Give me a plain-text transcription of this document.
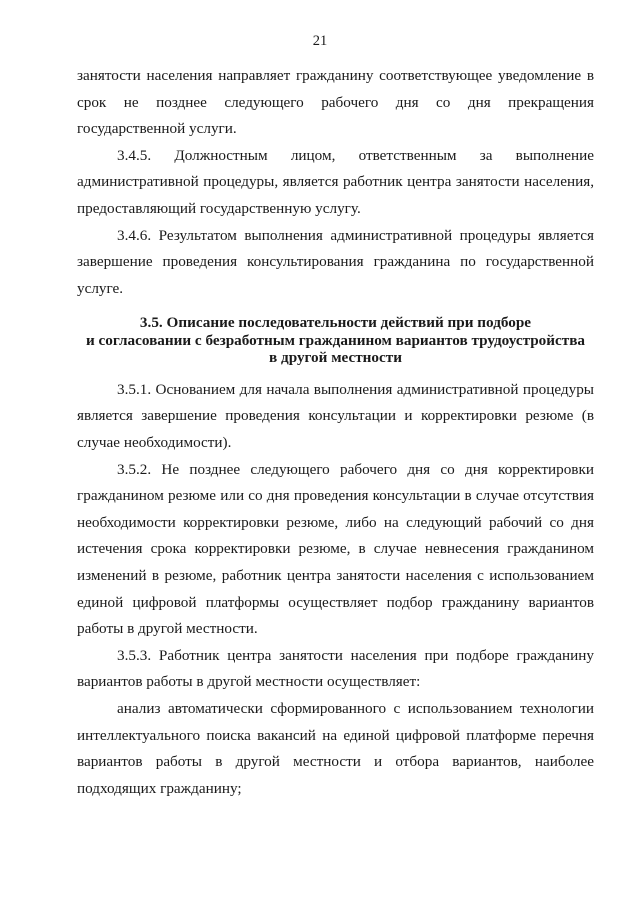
21

занятости населения направляет гражданину соответствующее уведомление в срок не позднее следующего рабочего дня со дня прекращения государственной услуги.

3.4.5. Должностным лицом, ответственным за выполнение административной процедуры, является работник центра занятости населения, предоставляющий государственную услугу.

3.4.6. Результатом выполнения административной процедуры является завершение проведения консультирования гражданина по государственной услуге.

3.5. Описание последовательности действий при подборе
и согласовании с безработным гражданином вариантов трудоустройства
в другой местности

3.5.1. Основанием для начала выполнения административной процедуры является завершение проведения консультации и корректировки резюме (в случае необходимости).

3.5.2. Не позднее следующего рабочего дня со дня корректировки гражданином резюме или со дня проведения консультации в случае отсутствия необходимости корректировки резюме, либо на следующий рабочий со дня истечения срока корректировки резюме, в случае невнесения гражданином изменений в резюме, работник центра занятости населения с использованием единой цифровой платформы осуществляет подбор гражданину вариантов работы в другой местности.

3.5.3. Работник центра занятости населения при подборе гражданину вариантов работы в другой местности осуществляет:

анализ автоматически сформированного с использованием технологии интеллектуального поиска вакансий на единой цифровой платформе перечня вариантов работы в другой местности и отбора вариантов, наиболее подходящих гражданину;
